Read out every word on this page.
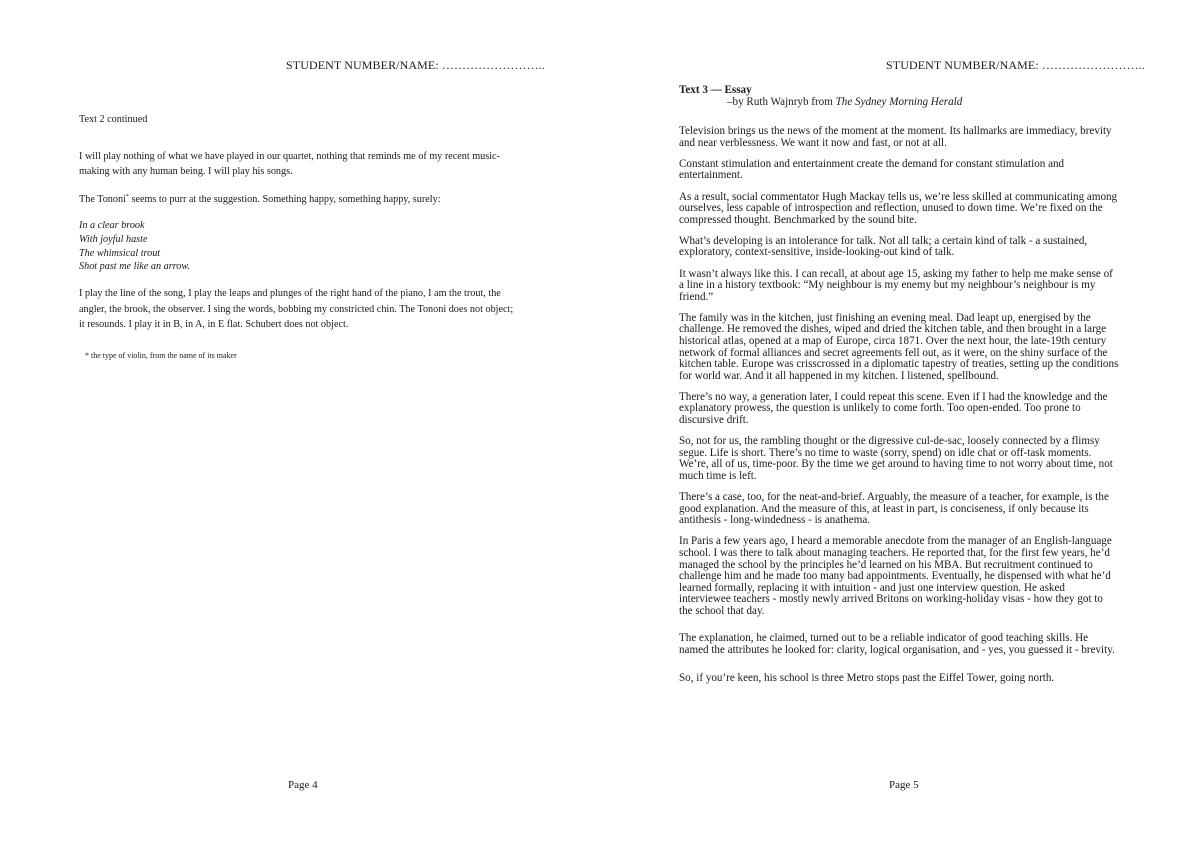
STUDENT NUMBER/NAME: ……………………..

Text 2 continued

I will play nothing of what we have played in our quartet, nothing that reminds me of my recent music-making with any human being. I will play his songs.

The Tononi* seems to purr at the suggestion. Something happy, something happy, surely:

In a clear brook
With joyful haste
The whimsical trout
Shot past me like an arrow.

I play the line of the song, I play the leaps and plunges of the right hand of the piano, I am the trout, the angler, the brook, the observer. I sing the words, bobbing my constricted chin. The Tononi does not object; it resounds. I play it in B, in A, in E flat. Schubert does not object.

* the type of violin, from the name of its maker

Page 4
STUDENT NUMBER/NAME: ……………………..
Text 3 — Essay
–by Ruth Wajnryb from The Sydney Morning Herald

Television brings us the news of the moment at the moment. Its hallmarks are immediacy, brevity and near verblessness. We want it now and fast, or not at all.

Constant stimulation and entertainment create the demand for constant stimulation and entertainment.

As a result, social commentator Hugh Mackay tells us, we’re less skilled at communicating among ourselves, less capable of introspection and reflection, unused to down time. We’re fixed on the compressed thought. Benchmarked by the sound bite.

What’s developing is an intolerance for talk. Not all talk; a certain kind of talk - a sustained, exploratory, context-sensitive, inside-looking-out kind of talk.

It wasn’t always like this. I can recall, at about age 15, asking my father to help me make sense of a line in a history textbook: “My neighbour is my enemy but my neighbour’s neighbour is my friend.”

The family was in the kitchen, just finishing an evening meal. Dad leapt up, energised by the challenge. He removed the dishes, wiped and dried the kitchen table, and then brought in a large historical atlas, opened at a map of Europe, circa 1871. Over the next hour, the late-19th century network of formal alliances and secret agreements fell out, as it were, on the shiny surface of the kitchen table. Europe was crisscrossed in a diplomatic tapestry of treaties, setting up the conditions for world war. And it all happened in my kitchen. I listened, spellbound.

There’s no way, a generation later, I could repeat this scene. Even if I had the knowledge and the explanatory prowess, the question is unlikely to come forth. Too open-ended. Too prone to discursive drift.

So, not for us, the rambling thought or the digressive cul-de-sac, loosely connected by a flimsy segue. Life is short. There’s no time to waste (sorry, spend) on idle chat or off-task moments. We’re, all of us, time-poor. By the time we get around to having time to not worry about time, not much time is left.

There’s a case, too, for the neat-and-brief. Arguably, the measure of a teacher, for example, is the good explanation. And the measure of this, at least in part, is conciseness, if only because its antithesis - long-windedness - is anathema.

In Paris a few years ago, I heard a memorable anecdote from the manager of an English-language school. I was there to talk about managing teachers. He reported that, for the first few years, he’d managed the school by the principles he’d learned on his MBA. But recruitment continued to challenge him and he made too many bad appointments. Eventually, he dispensed with what he’d learned formally, replacing it with intuition - and just one interview question. He asked interviewee teachers - mostly newly arrived Britons on working-holiday visas - how they got to the school that day.

The explanation, he claimed, turned out to be a reliable indicator of good teaching skills. He named the attributes he looked for: clarity, logical organisation, and - yes, you guessed it - brevity.

So, if you’re keen, his school is three Metro stops past the Eiffel Tower, going north.

Page 5
